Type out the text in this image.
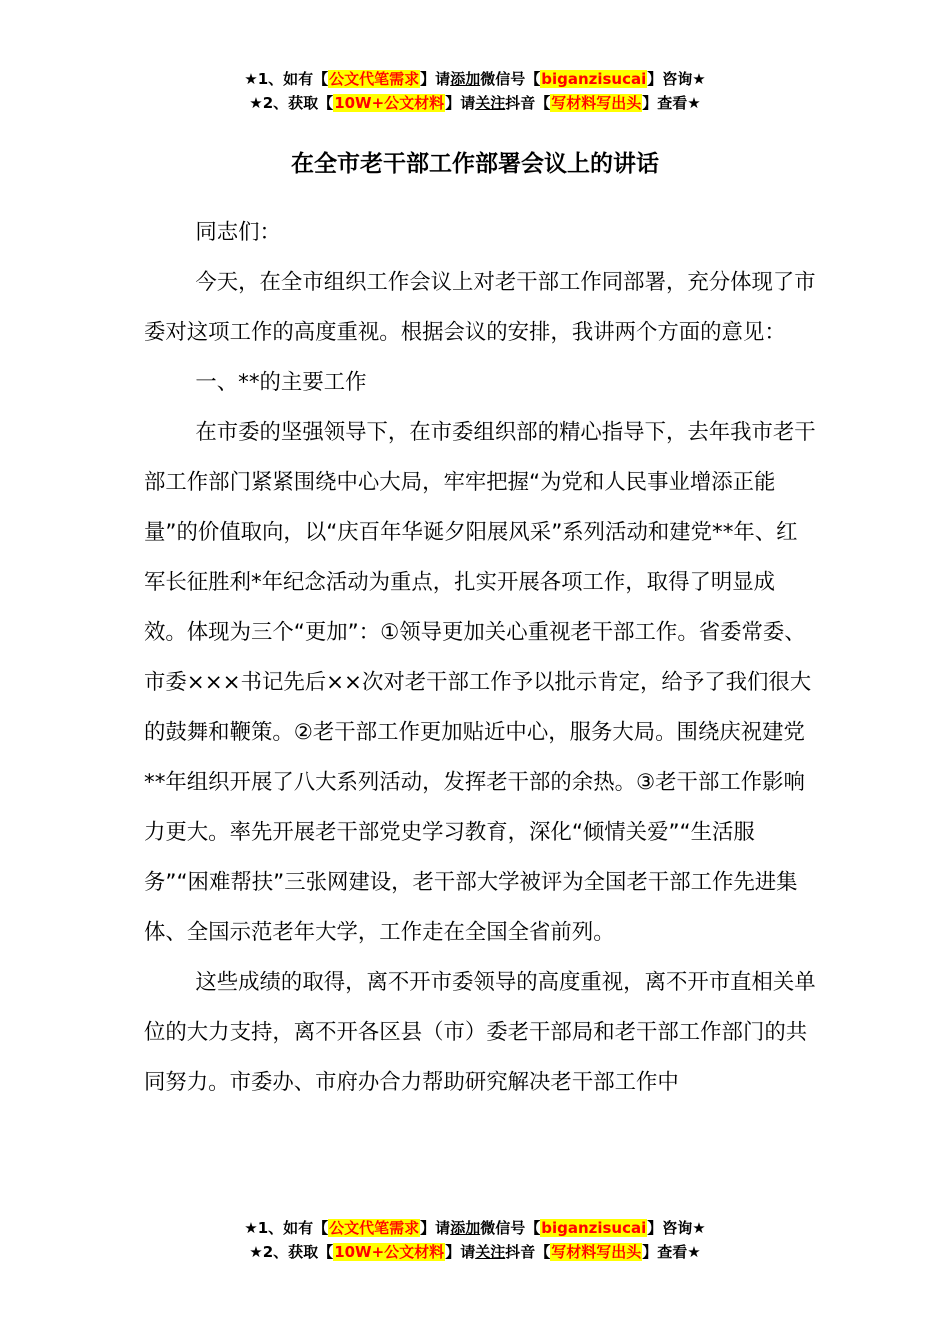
★1、如有【公文代笔需求】请添加微信号【biganzisucai】咨询★
★2、获取【10W+公文材料】请关注抖音【写材料写出头】查看★
在全市老干部工作部署会议上的讲话

同志们：

今天，在全市组织工作会议上对老干部工作同部署，充分体现了市委对这项工作的高度重视。根据会议的安排，我讲两个方面的意见：

一、**的主要工作

在市委的坚强领导下，在市委组织部的精心指导下，去年我市老干部工作部门紧紧围绕中心大局，牢牢把握“为党和人民事业增添正能量”的价值取向，以“庆百年华诞夕阳展风采”系列活动和建党**年、红军长征胜利*年纪念活动为重点，扎实开展各项工作，取得了明显成效。体现为三个“更加”：①领导更加关心重视老干部工作。省委常委、市委×××书记先后××次对老干部工作予以批示肯定，给予了我们很大的鼓舞和鞭策。②老干部工作更加贴近中心，服务大局。围绕庆祝建党**年组织开展了八大系列活动，发挥老干部的余热。③老干部工作影响力更大。率先开展老干部党史学习教育，深化“倾情关爱”“生活服务”“困难帮扶”三张网建设，老干部大学被评为全国老干部工作先进集体、全国示范老年大学，工作走在全国全省前列。

这些成绩的取得，离不开市委领导的高度重视，离不开市直相关单位的大力支持，离不开各区县（市）委老干部局和老干部工作部门的共同努力。市委办、市府办合力帮助研究解决老干部工作中

★1、如有【公文代笔需求】请添加微信号【biganzisucai】咨询★
★2、获取【10W+公文材料】请关注抖音【写材料写出头】查看★
